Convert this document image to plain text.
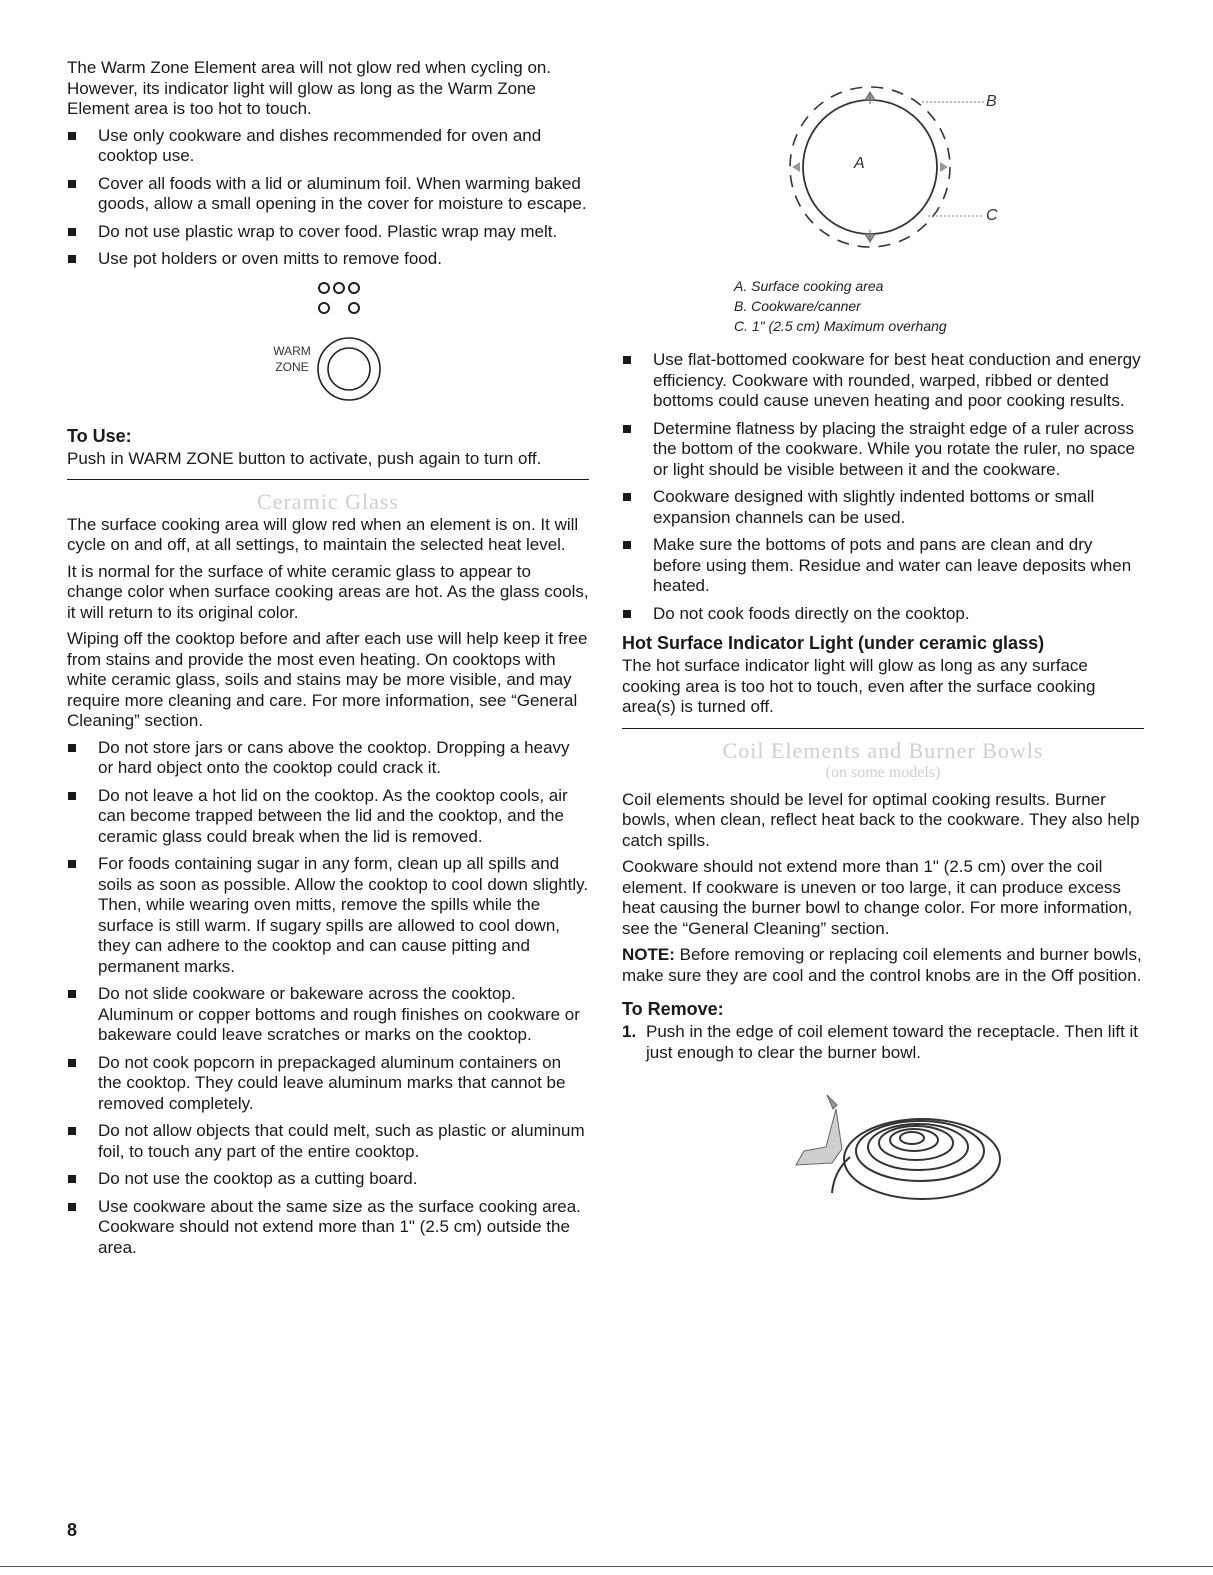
The Warm Zone Element area will not glow red when cycling on. However, its indicator light will glow as long as the Warm Zone Element area is too hot to touch.

Use only cookware and dishes recommended for oven and cooktop use.
Cover all foods with a lid or aluminum foil. When warming baked goods, allow a small opening in the cover for moisture to escape.
Do not use plastic wrap to cover food. Plastic wrap may melt.
Use pot holders or oven mitts to remove food.
WARM ZONE
To Use:

Push in WARM ZONE button to activate, push again to turn off.

Ceramic Glass

The surface cooking area will glow red when an element is on. It will cycle on and off, at all settings, to maintain the selected heat level.

It is normal for the surface of white ceramic glass to appear to change color when surface cooking areas are hot. As the glass cools, it will return to its original color.

Wiping off the cooktop before and after each use will help keep it free from stains and provide the most even heating. On cooktops with white ceramic glass, soils and stains may be more visible, and may require more cleaning and care. For more information, see “General Cleaning” section.

Do not store jars or cans above the cooktop. Dropping a heavy or hard object onto the cooktop could crack it.
Do not leave a hot lid on the cooktop. As the cooktop cools, air can become trapped between the lid and the cooktop, and the ceramic glass could break when the lid is removed.
For foods containing sugar in any form, clean up all spills and soils as soon as possible. Allow the cooktop to cool down slightly. Then, while wearing oven mitts, remove the spills while the surface is still warm. If sugary spills are allowed to cool down, they can adhere to the cooktop and can cause pitting and permanent marks.
Do not slide cookware or bakeware across the cooktop. Aluminum or copper bottoms and rough finishes on cookware or bakeware could leave scratches or marks on the cooktop.
Do not cook popcorn in prepackaged aluminum containers on the cooktop. They could leave aluminum marks that cannot be removed completely.
Do not allow objects that could melt, such as plastic or aluminum foil, to touch any part of the entire cooktop.
Do not use the cooktop as a cutting board.
Use cookware about the same size as the surface cooking area. Cookware should not extend more than 1" (2.5 cm) outside the area.
A
B
C
A. Surface cooking area
B. Cookware/canner
C. 1" (2.5 cm) Maximum overhang
Use flat-bottomed cookware for best heat conduction and energy efficiency. Cookware with rounded, warped, ribbed or dented bottoms could cause uneven heating and poor cooking results.
Determine flatness by placing the straight edge of a ruler across the bottom of the cookware. While you rotate the ruler, no space or light should be visible between it and the cookware.
Cookware designed with slightly indented bottoms or small expansion channels can be used.
Make sure the bottoms of pots and pans are clean and dry before using them. Residue and water can leave deposits when heated.
Do not cook foods directly on the cooktop.
Hot Surface Indicator Light (under ceramic glass)

The hot surface indicator light will glow as long as any surface cooking area is too hot to touch, even after the surface cooking area(s) is turned off.

Coil Elements and Burner Bowls
(on some models)

Coil elements should be level for optimal cooking results. Burner bowls, when clean, reflect heat back to the cookware. They also help catch spills.

Cookware should not extend more than 1" (2.5 cm) over the coil element. If cookware is uneven or too large, it can produce excess heat causing the burner bowl to change color. For more information, see the “General Cleaning” section.

NOTE: Before removing or replacing coil elements and burner bowls, make sure they are cool and the control knobs are in the Off position.

To Remove:
1. Push in the edge of coil element toward the receptacle. Then lift it just enough to clear the burner bowl.
8
